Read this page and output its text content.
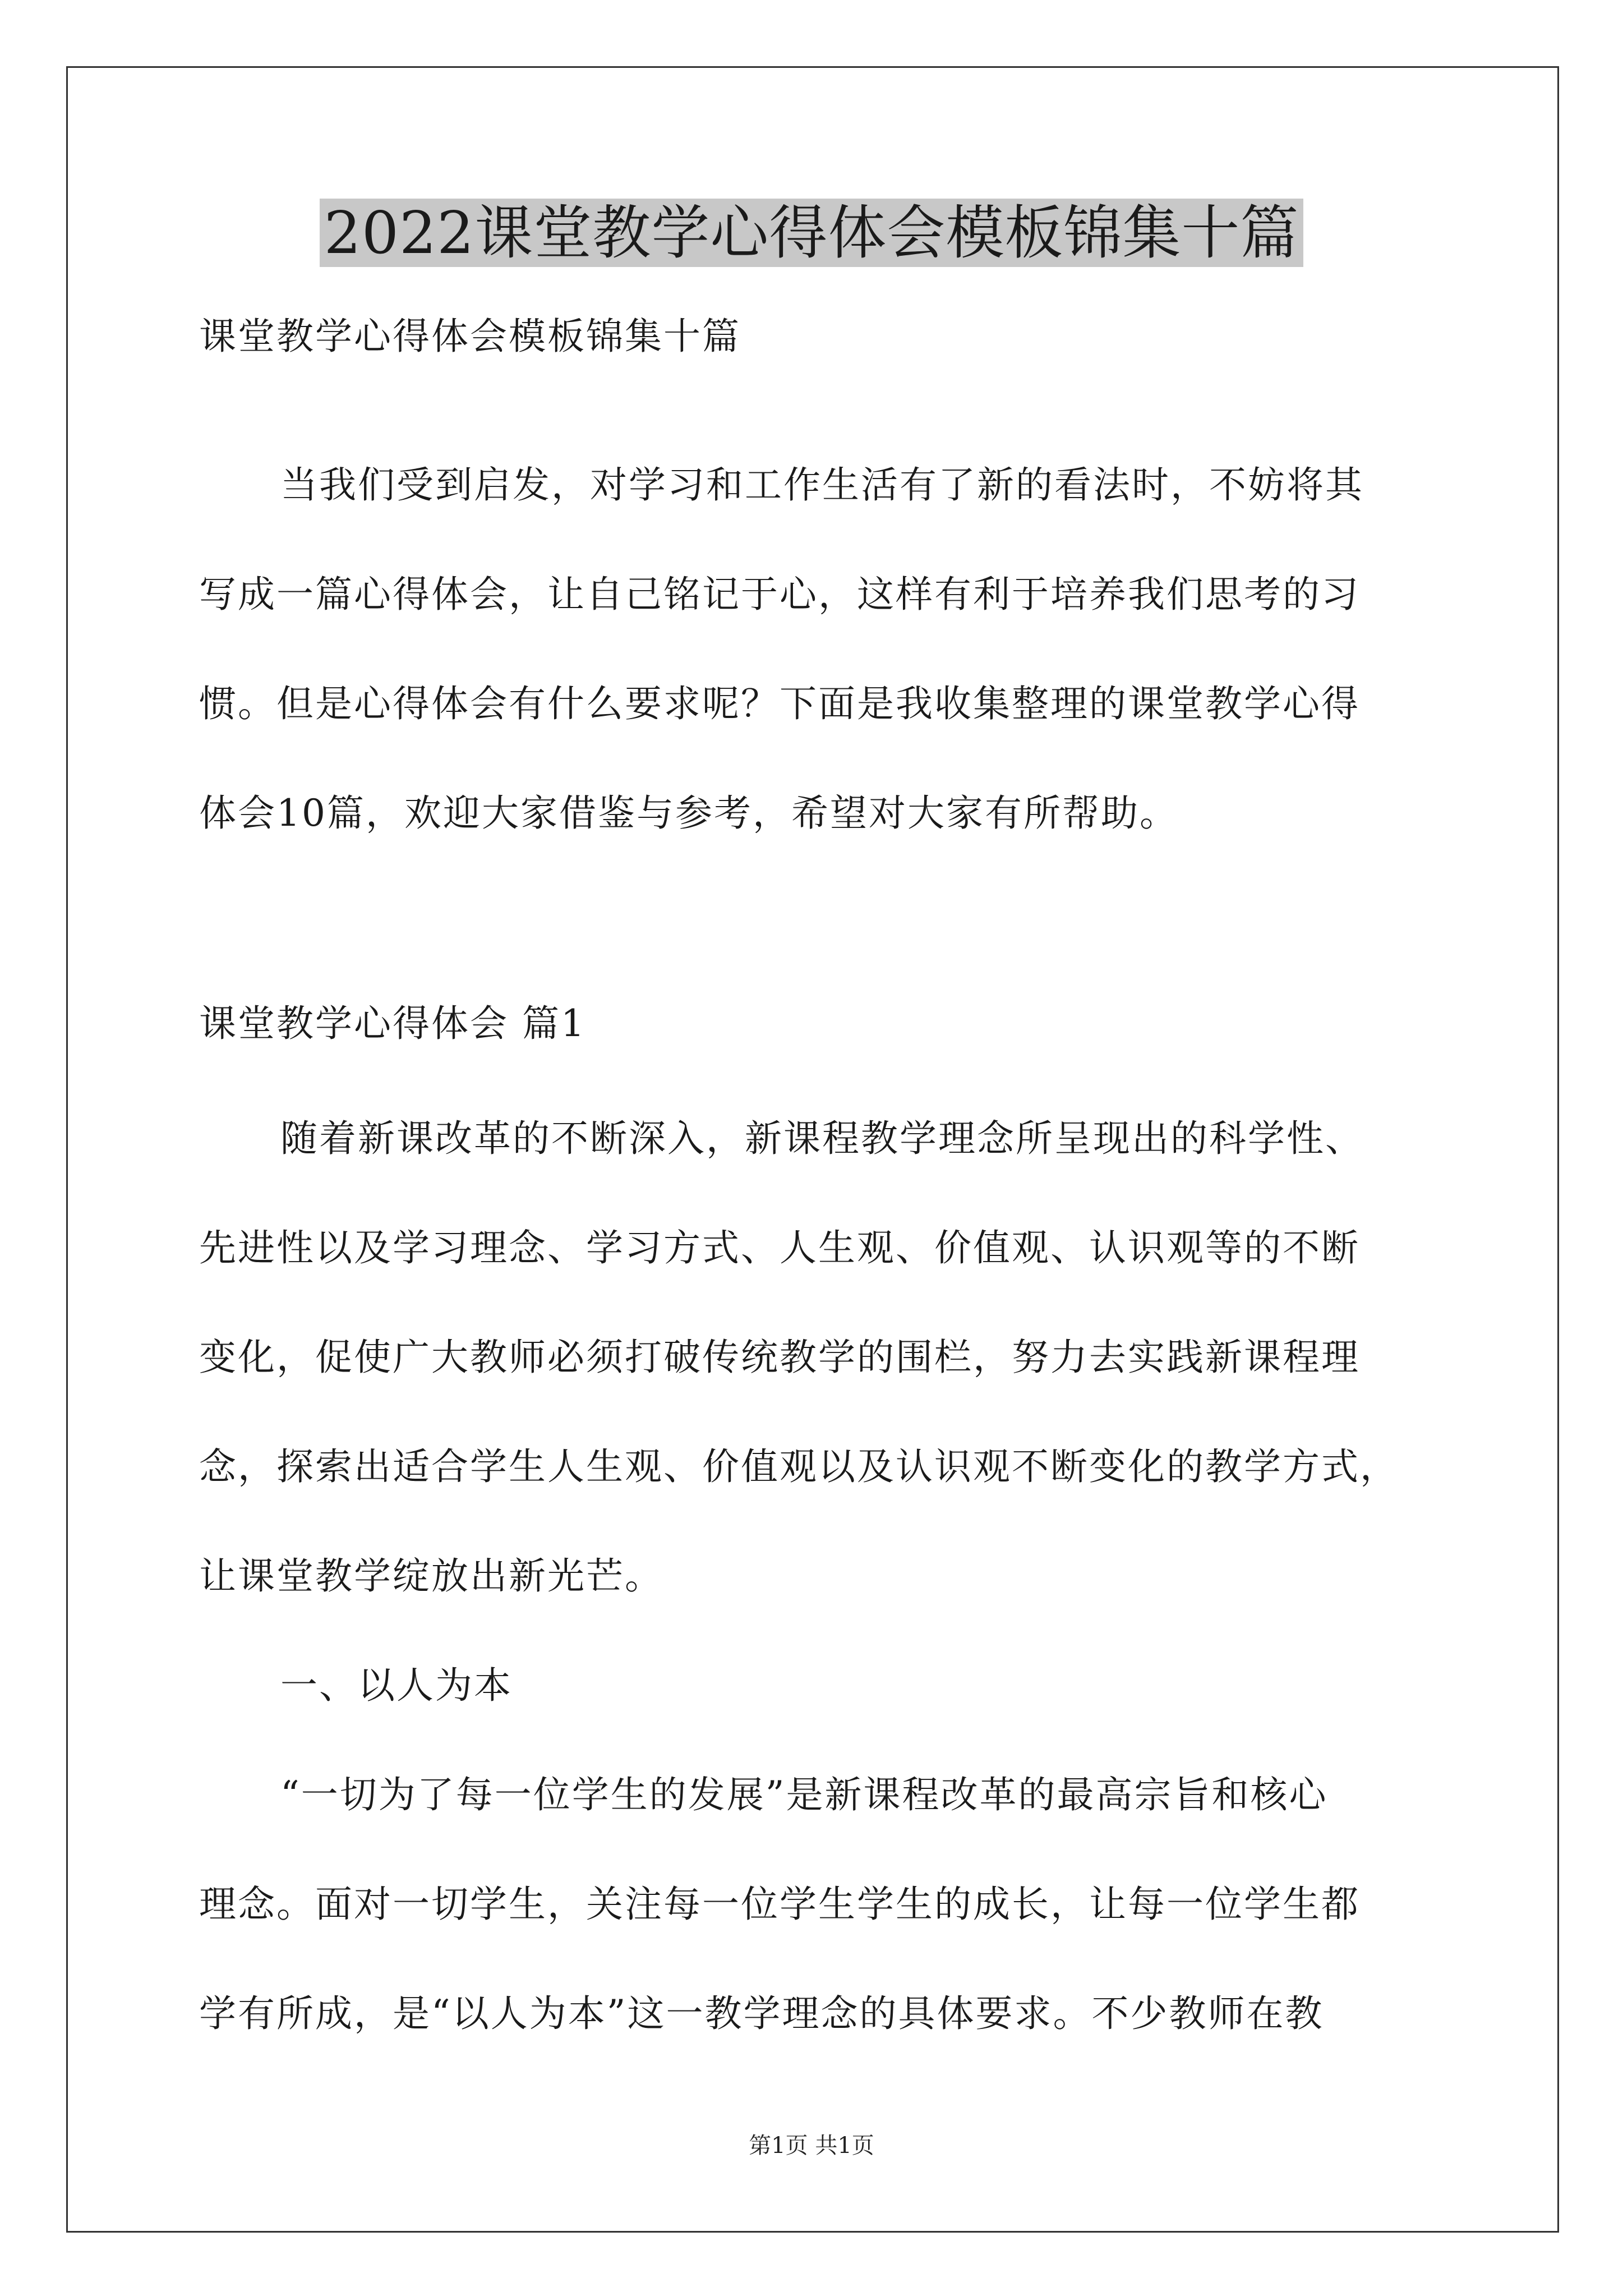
2022课堂教学心得体会模板锦集十篇
课堂教学心得体会模板锦集十篇
当我们受到启发，对学习和工作生活有了新的看法时，不妨将其
写成一篇心得体会，让自己铭记于心，这样有利于培养我们思考的习
惯。但是心得体会有什么要求呢？下面是我收集整理的课堂教学心得
体会10篇，欢迎大家借鉴与参考，希望对大家有所帮助。
课堂教学心得体会 篇1
随着新课改革的不断深入，新课程教学理念所呈现出的科学性、
先进性以及学习理念、学习方式、人生观、价值观、认识观等的不断
变化，促使广大教师必须打破传统教学的围栏，努力去实践新课程理
念，探索出适合学生人生观、价值观以及认识观不断变化的教学方式，
让课堂教学绽放出新光芒。
一、以人为本
“一切为了每一位学生的发展”是新课程改革的最高宗旨和核心
理念。面对一切学生，关注每一位学生学生的成长，让每一位学生都
学有所成，是“以人为本”这一教学理念的具体要求。不少教师在教
第1页 共1页
